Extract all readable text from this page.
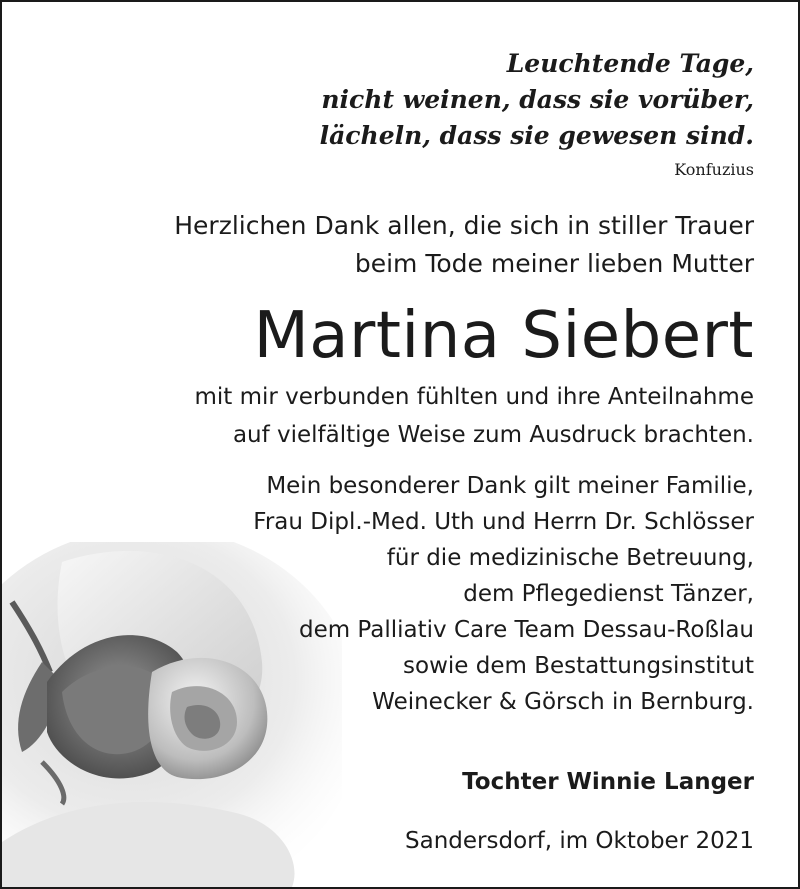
Leuchtende Tage,
nicht weinen, dass sie vorüber,
lächeln, dass sie gewesen sind.
Konfuzius
Herzlichen Dank allen, die sich in stiller Trauer
beim Tode meiner lieben Mutter
Martina Siebert
mit mir verbunden fühlten und ihre Anteilnahme
auf vielfältige Weise zum Ausdruck brachten.
Mein besonderer Dank gilt meiner Familie,
Frau Dipl.-Med. Uth und Herrn Dr. Schlösser
für die medizinische Betreuung,
dem Pflegedienst Tänzer,
dem Palliativ Care Team Dessau-Roßlau
sowie dem Bestattungsinstitut
Weinecker & Görsch in Bernburg.
Tochter Winnie Langer
Sandersdorf, im Oktober 2021
